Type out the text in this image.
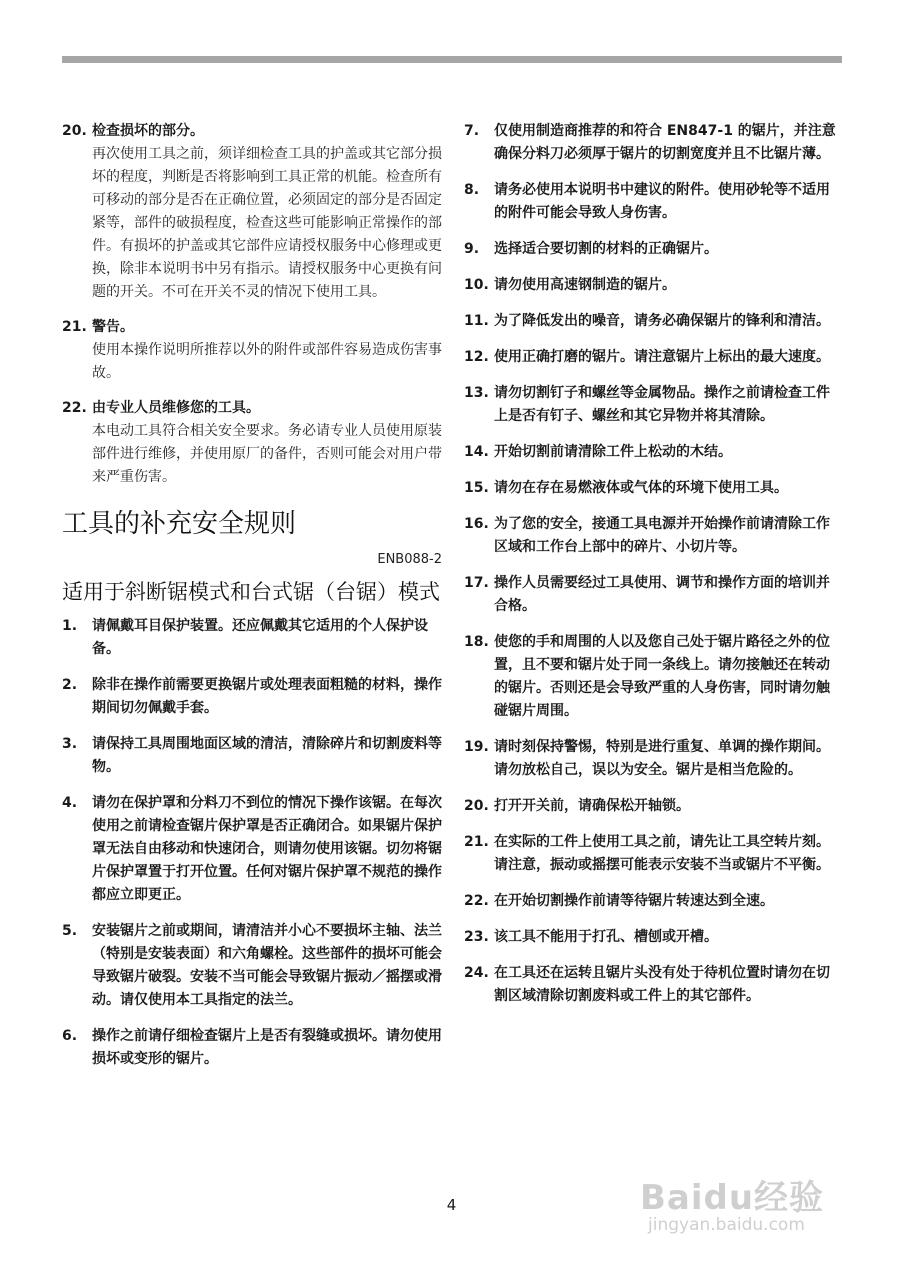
20. 检查损坏的部分。
再次使用工具之前，须详细检查工具的护盖或其它部分损坏的程度，判断是否将影响到工具正常的机能。检查所有可移动的部分是否在正确位置，必须固定的部分是否固定紧等，部件的破损程度，检查这些可能影响正常操作的部件。有损坏的护盖或其它部件应请授权服务中心修理或更换，除非本说明书中另有指示。请授权服务中心更换有问题的开关。不可在开关不灵的情况下使用工具。
21. 警告。
使用本操作说明所推荐以外的附件或部件容易造成伤害事故。
22. 由专业人员维修您的工具。
本电动工具符合相关安全要求。务必请专业人员使用原装部件进行维修，并使用原厂的备件，否则可能会对用户带来严重伤害。
工具的补充安全规则
ENB088-2
适用于斜断锯模式和台式锯（台锯）模式
1.	请佩戴耳目保护装置。还应佩戴其它适用的个人保护设备。
2.	除非在操作前需要更换锯片或处理表面粗糙的材料，操作期间切勿佩戴手套。
3.	请保持工具周围地面区域的清洁，清除碎片和切割废料等物。
4.	请勿在保护罩和分料刀不到位的情况下操作该锯。在每次使用之前请检查锯片保护罩是否正确闭合。如果锯片保护罩无法自由移动和快速闭合，则请勿使用该锯。切勿将锯片保护罩置于打开位置。任何对锯片保护罩不规范的操作都应立即更正。
5.	安装锯片之前或期间，请清洁并小心不要损坏主轴、法兰（特别是安装表面）和六角螺栓。这些部件的损坏可能会导致锯片破裂。安装不当可能会导致锯片振动／摇摆或滑动。请仅使用本工具指定的法兰。
6.	操作之前请仔细检查锯片上是否有裂缝或损坏。请勿使用损坏或变形的锯片。
7.	仅使用制造商推荐的和符合 EN847-1 的锯片，并注意确保分料刀必须厚于锯片的切割宽度并且不比锯片薄。
8.	请务必使用本说明书中建议的附件。使用砂轮等不适用的附件可能会导致人身伤害。
9.	选择适合要切割的材料的正确锯片。
10. 请勿使用高速钢制造的锯片。
11. 为了降低发出的噪音，请务必确保锯片的锋利和清洁。
12. 使用正确打磨的锯片。请注意锯片上标出的最大速度。
13. 请勿切割钉子和螺丝等金属物品。操作之前请检查工件上是否有钉子、螺丝和其它异物并将其清除。
14. 开始切割前请清除工件上松动的木结。
15. 请勿在存在易燃液体或气体的环境下使用工具。
16. 为了您的安全，接通工具电源并开始操作前请清除工作区域和工作台上部中的碎片、小切片等。
17. 操作人员需要经过工具使用、调节和操作方面的培训并合格。
18. 使您的手和周围的人以及您自己处于锯片路径之外的位置，且不要和锯片处于同一条线上。请勿接触还在转动的锯片。否则还是会导致严重的人身伤害，同时请勿触碰锯片周围。
19. 请时刻保持警惕，特别是进行重复、单调的操作期间。请勿放松自己，误以为安全。锯片是相当危险的。
20. 打开开关前，请确保松开轴锁。
21. 在实际的工件上使用工具之前，请先让工具空转片刻。请注意，振动或摇摆可能表示安装不当或锯片不平衡。
22. 在开始切割操作前请等待锯片转速达到全速。
23. 该工具不能用于打孔、槽刨或开槽。
24. 在工具还在运转且锯片头没有处于待机位置时请勿在切割区域清除切割废料或工件上的其它部件。
4	Baidu经验
jingyan.baidu.com
